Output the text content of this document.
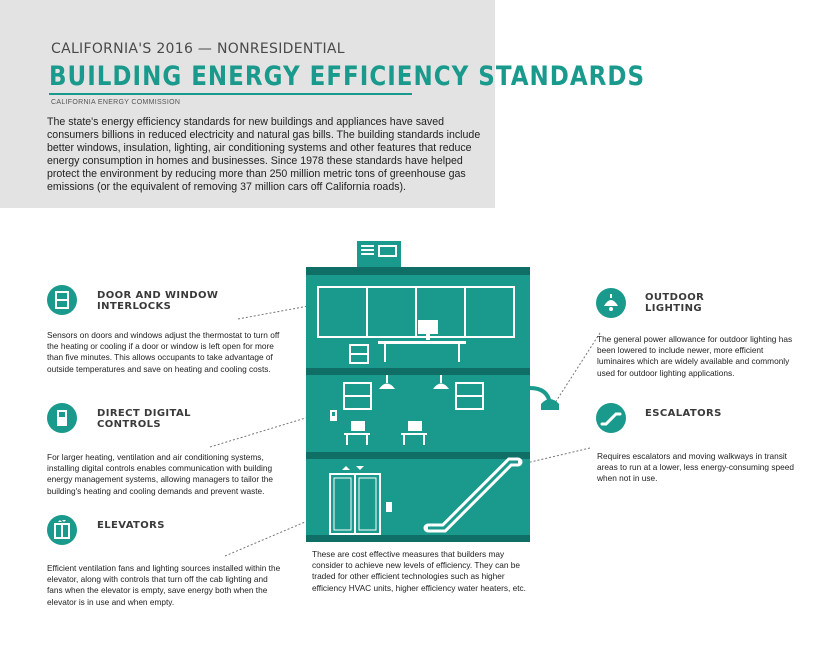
CALIFORNIA'S 2016 — NONRESIDENTIAL
BUILDING ENERGY EFFICIENCY STANDARDS
CALIFORNIA ENERGY COMMISSION

The state's energy efficiency standards for new buildings and appliances have saved consumers billions in reduced electricity and natural gas bills. The building standards include better windows, insulation, lighting, air conditioning systems and other features that reduce energy consumption in homes and businesses. Since 1978 these standards have helped protect the environment by reducing more than 250 million metric tons of greenhouse gas emissions (or the equivalent of removing 37 million cars off California roads).

DOOR AND WINDOW
INTERLOCKS

Sensors on doors and windows adjust the thermostat to turn off the heating or cooling if a door or window is left open for more than five minutes. This allows occupants to take advantage of outside temperatures and save on heating and cooling costs.

DIRECT DIGITAL
CONTROLS

For larger heating, ventilation and air conditioning systems, installing digital controls enables communication with building energy management systems, allowing managers to tailor the building's heating and cooling demands and prevent waste.

ELEVATORS

Efficient ventilation fans and lighting sources installed within the elevator, along with controls that turn off the cab lighting and fans when the elevator is empty, save energy both when the elevator is in use and when empty.

OUTDOOR
LIGHTING

The general power allowance for outdoor lighting has been lowered to include newer, more efficient luminaires which are widely available and commonly used for outdoor lighting applications.

ESCALATORS

Requires escalators and moving walkways in transit areas to run at a lower, less energy-consuming speed when not in use.

These are cost effective measures that builders may consider to achieve new levels of efficiency. They can be traded for other efficient technologies such as higher efficiency HVAC units, higher efficiency water heaters, etc.
